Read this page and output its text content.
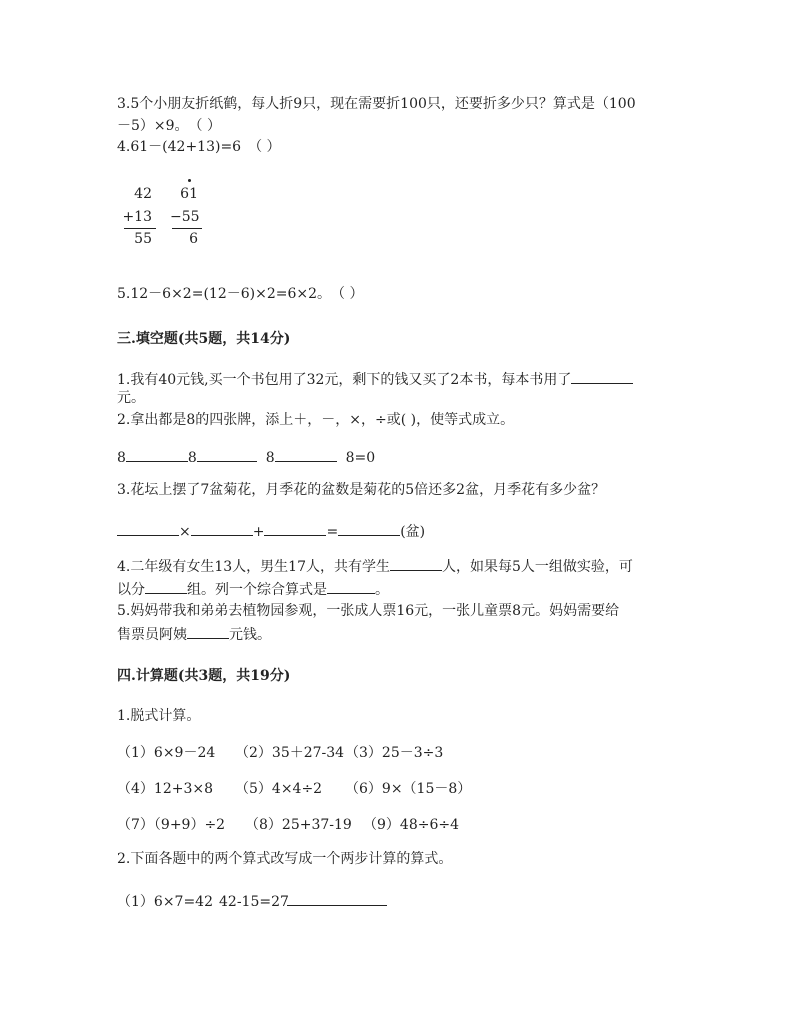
3.5个小朋友折纸鹤，每人折9只，现在需要折100只，还要折多少只？算式是（100
－5）×9。　（ ）
4.61－(42+13)=6　（ ）
42
+13
55
61
−55
6
5.12－6×2=(12－6)×2=6×2。　（ ）
三.填空题(共5题，共14分)
1.我有40元钱,买一个书包用了32元，剩下的钱又买了2本书，每本书用了
元。
2.拿出都是8的四张牌，添上＋，－，×，÷或( )，使等式成立。
8	8	8	8=0
3.花坛上摆了7盆菊花，月季花的盆数是菊花的5倍还多2盆，月季花有多少盆？
×	+	=	(盆)
4.二年级有女生13人，男生17人，共有学生	人，如果每5人一组做实验，可
以分	组。列一个综合算式是	。
5.妈妈带我和弟弟去植物园参观，一张成人票16元，一张儿童票8元。妈妈需要给
售票员阿姨	元钱。
四.计算题(共3题，共19分)
1.脱式计算。
（1）6×9－24 （2）35＋27-34（3）25－3÷3
（4）12+3×8 （5）4×4÷2 （6）9×（15－8）
（7）（9+9）÷2 （8）25+37-19 （9）48÷6÷4
2.下面各题中的两个算式改写成一个两步计算的算式。
（1）6×7=42 42-15=27
